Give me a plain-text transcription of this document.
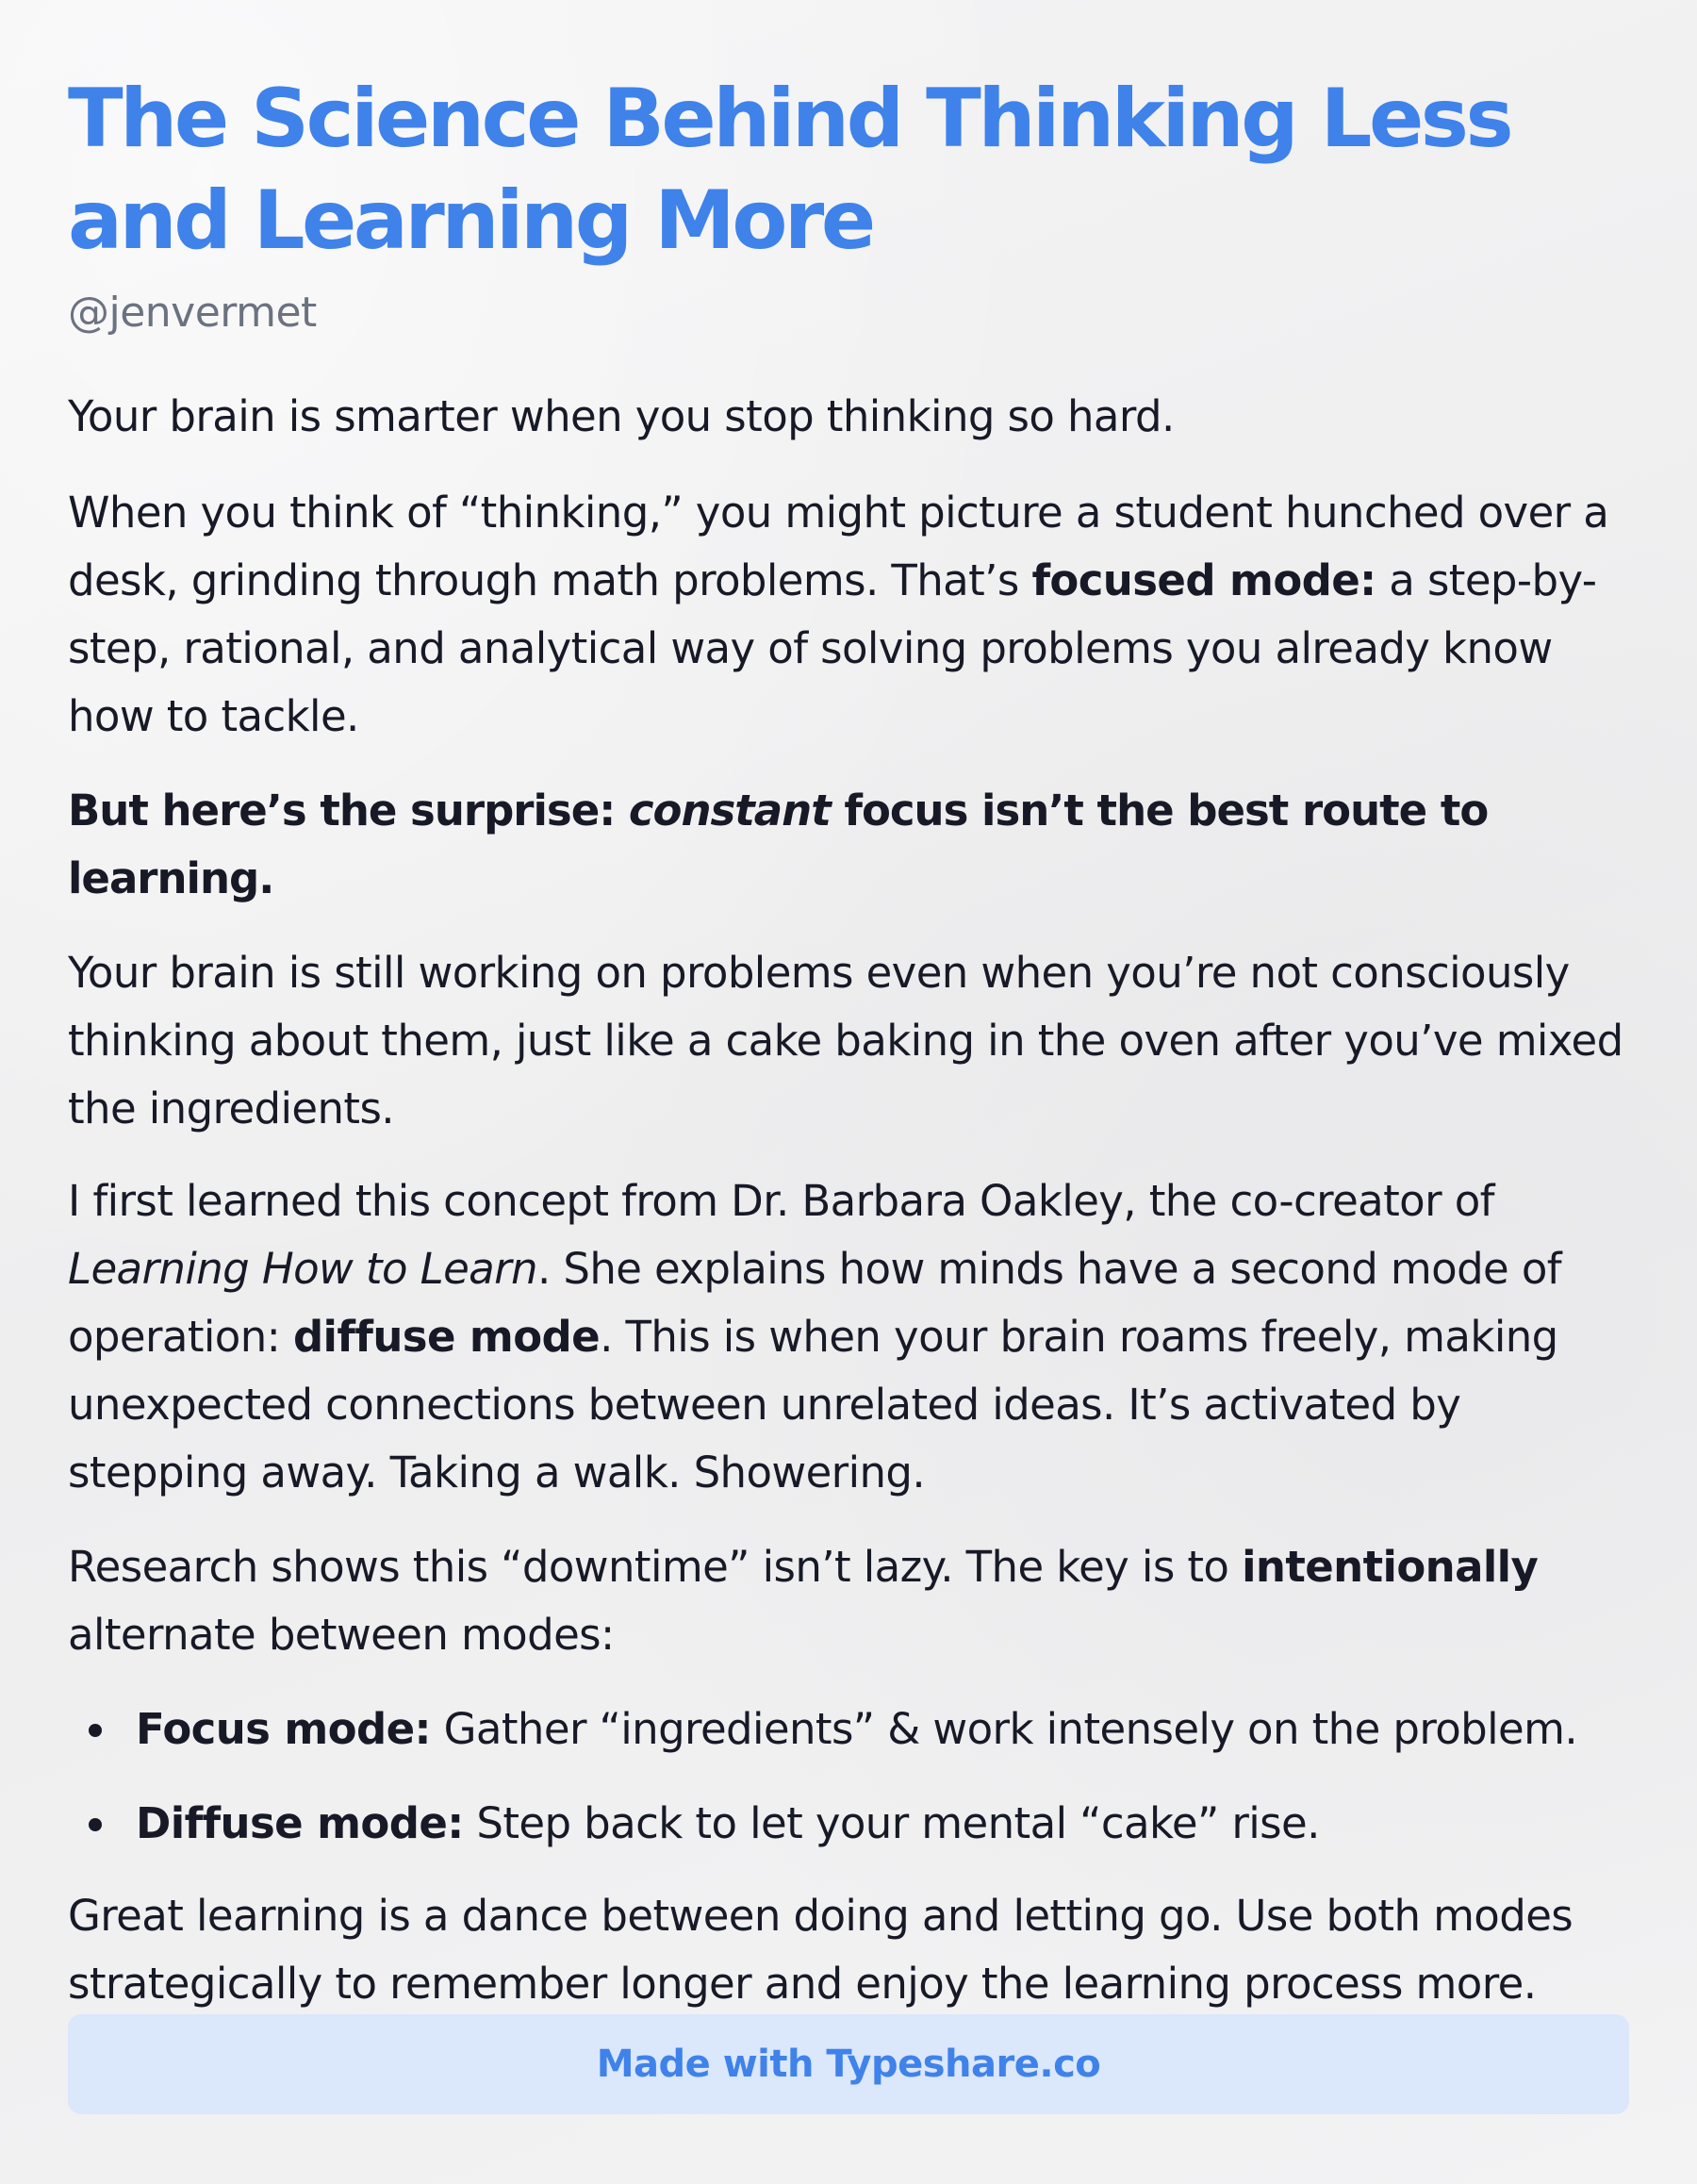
The Science Behind Thinking Less and Learning More
@jenvermet

Your brain is smarter when you stop thinking so hard.

When you think of “thinking,” you might picture a student hunched over a desk, grinding through math problems. That’s focused mode: a step-by-step, rational, and analytical way of solving problems you already know how to tackle.

But here’s the surprise: constant focus isn’t the best route to learning.

Your brain is still working on problems even when you’re not consciously thinking about them, just like a cake baking in the oven after you’ve mixed the ingredients.

I first learned this concept from Dr. Barbara Oakley, the co-creator of Learning How to Learn. She explains how minds have a second mode of operation: diffuse mode. This is when your brain roams freely, making unexpected connections between unrelated ideas. It’s activated by stepping away. Taking a walk. Showering.

Research shows this “downtime” isn’t lazy. The key is to intentionally alternate between modes:

Focus mode: Gather “ingredients” & work intensely on the problem.
Diffuse mode: Step back to let your mental “cake” rise.

Great learning is a dance between doing and letting go. Use both modes strategically to remember longer and enjoy the learning process more.

Made with Typeshare.co
